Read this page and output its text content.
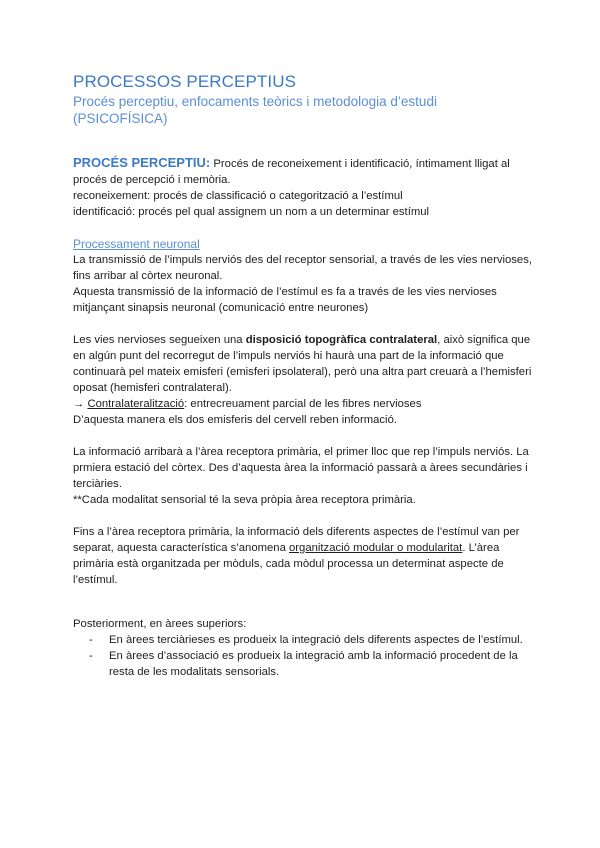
PROCESSOS PERCEPTIUS
Procés perceptiu, enfocaments teòrics i metodologia d’estudi (PSICOFÍSICA)

PROCÉS PERCEPTIU: Procés de reconeixement i identificació, íntimament lligat al procés de percepció i memòria.

reconeixement: procés de classificació o categorització a l’estímul

identificació: procés pel qual assignem un nom a un determinar estímul

Processament neuronal

La transmissió de l’impuls nerviós des del receptor sensorial, a través de les vies nervioses, fins arribar al còrtex neuronal.

Aquesta transmissió de la informació de l’estímul es fa a través de les vies nervioses mitjançant sinapsis neuronal (comunicació entre neurones)

Les vies nervioses segueixen una disposició topogràfica contralateral, això significa que en algún punt del recorregut de l’impuls nerviós hi haurà una part de la informació que continuarà pel mateix emisferi (emisferi ipsolateral), però una altra part creuarà a l’hemisferi oposat (hemisferi contralateral).

→ Contralateralització: entrecreuament parcial de les fibres nervioses

D’aquesta manera els dos emisferis del cervell reben informació.

La informació arribarà a l’àrea receptora primària, el primer lloc que rep l’impuls nerviós. La prmiera estació del còrtex. Des d’aquesta àrea la informació passarà a àrees secundàries i terciàries.

**Cada modalitat sensorial té la seva pròpia àrea receptora primària.

Fins a l’àrea receptora primària, la informació dels diferents aspectes de l’estímul van per separat, aquesta característica s’anomena organització modular o modularitat. L’àrea primària està organitzada per mòduls, cada mòdul processa un determinat aspecte de l’estímul.

Posteriorment, en àrees superiors:

- En àrees terciàrieses es produeix la integració dels diferents aspectes de l’estímul.
- En àrees d’associació es produeix la integració amb la informació procedent de la resta de les modalitats sensorials.
